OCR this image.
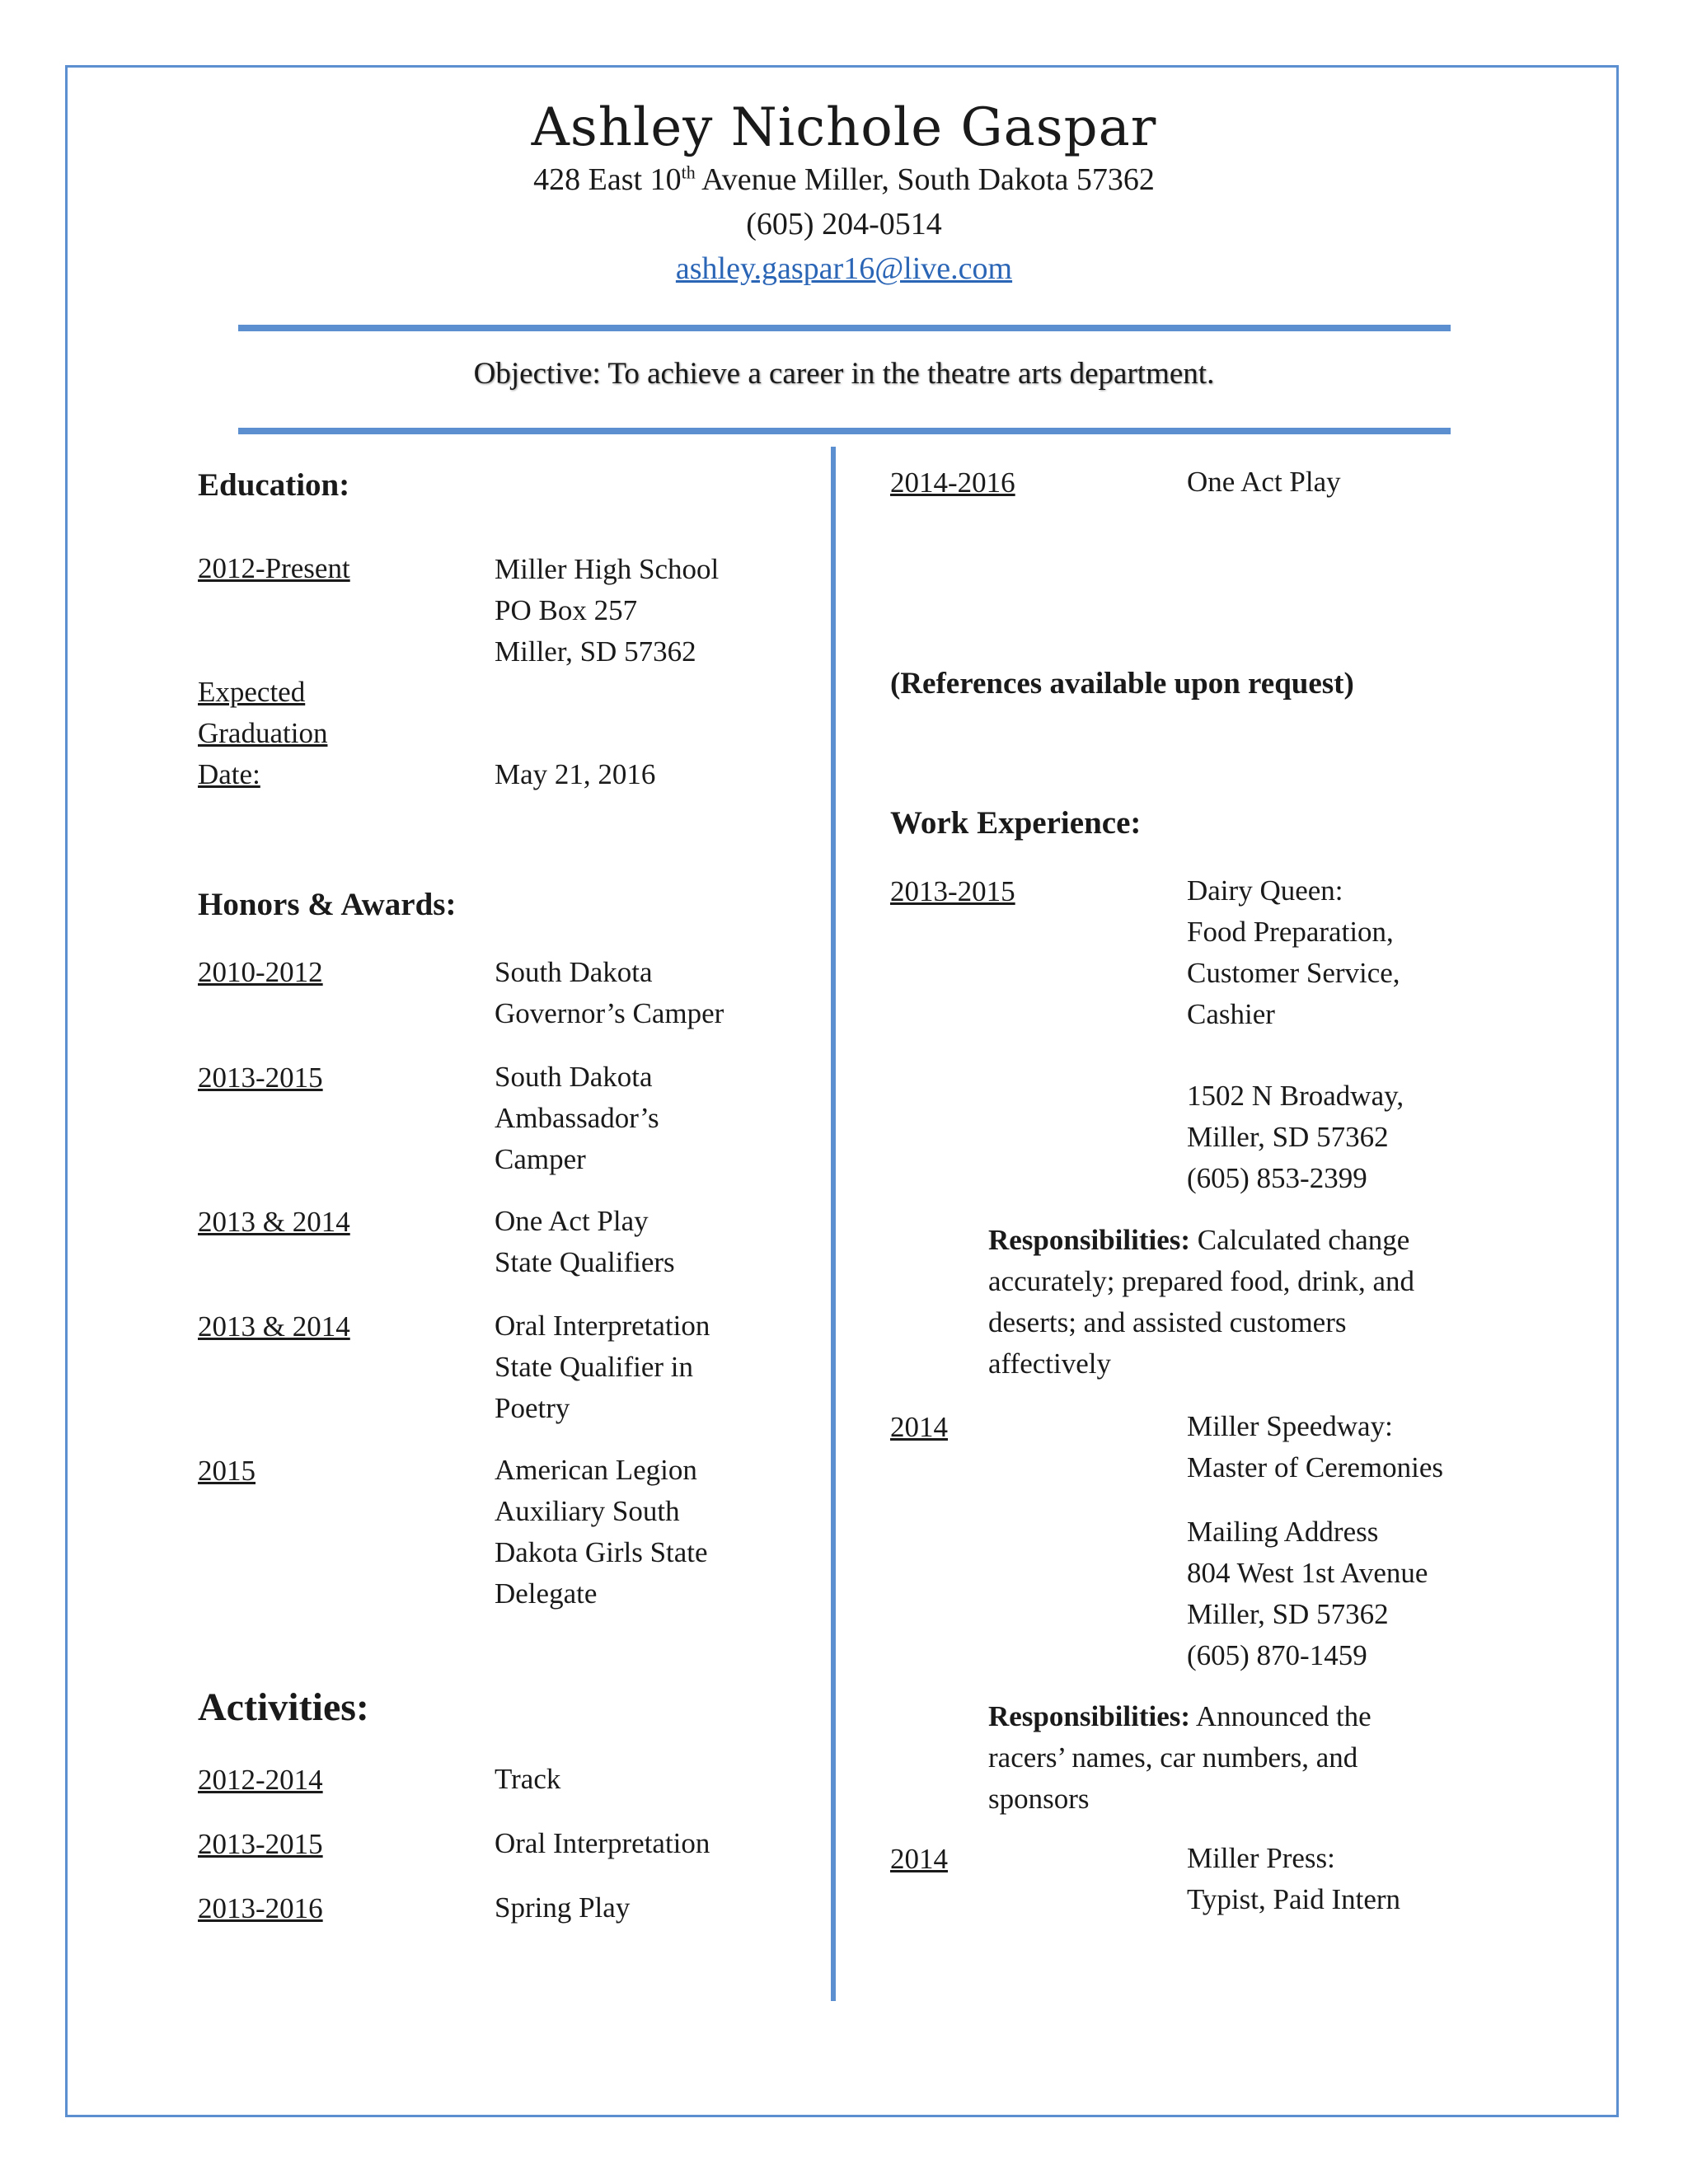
Ashley Nichole Gaspar
428 East 10th Avenue Miller, South Dakota 57362
(605) 204-0514
ashley.gaspar16@live.com
Objective: To achieve a career in the theatre arts department.
Education:
2012-Present	Miller High School
PO Box 257
Miller, SD 57362
Expected
Graduation
Date:	May 21, 2016
Honors & Awards:
2010-2012	South Dakota
Governor’s Camper
2013-2015	South Dakota
Ambassador’s
Camper
2013 & 2014	One Act Play
State Qualifiers
2013 & 2014	Oral Interpretation
State Qualifier in
Poetry
2015	American Legion
Auxiliary South
Dakota Girls State
Delegate
Activities:
2012-2014	Track
2013-2015	Oral Interpretation
2013-2016	Spring Play
2014-2016	One Act Play
(References available upon request)
Work Experience:
2013-2015	Dairy Queen:
Food Preparation,
Customer Service,
Cashier
1502 N Broadway,
Miller, SD 57362
(605) 853-2399
Responsibilities: Calculated change
accurately; prepared food, drink, and
deserts; and assisted customers
affectively
2014	Miller Speedway:
Master of Ceremonies
Mailing Address
804 West 1st Avenue
Miller, SD 57362
(605) 870-1459
Responsibilities: Announced the
racers’ names, car numbers, and
sponsors
2014	Miller Press:
Typist, Paid Intern
